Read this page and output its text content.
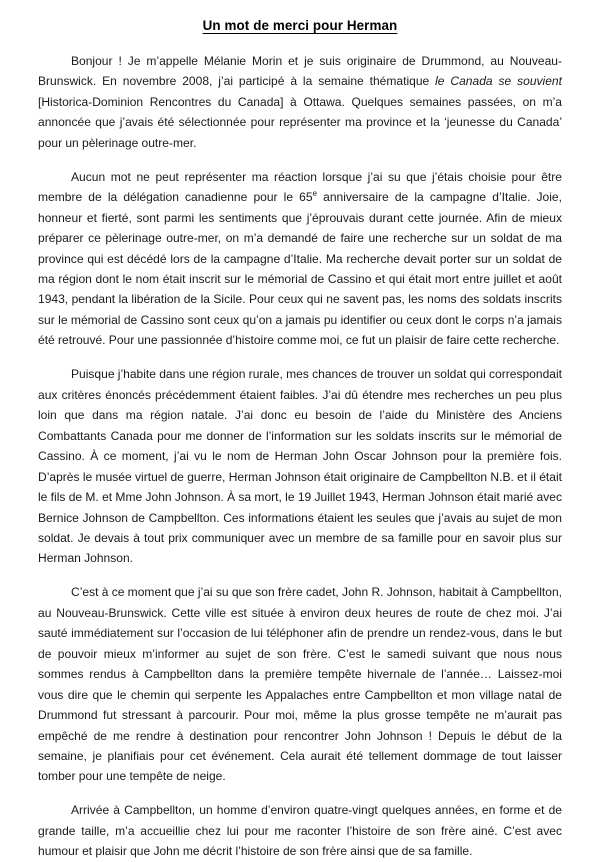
Un mot de merci pour Herman

Bonjour ! Je m’appelle Mélanie Morin et je suis originaire de Drummond, au Nouveau-Brunswick. En novembre 2008, j’ai participé à la semaine thématique le Canada se souvient [Historica-Dominion Rencontres du Canada] à Ottawa. Quelques semaines passées, on m’a annoncée que j’avais été sélectionnée pour représenter ma province et la ‘jeunesse du Canada’ pour un pèlerinage outre-mer.

Aucun mot ne peut représenter ma réaction lorsque j’ai su que j’étais choisie pour être membre de la délégation canadienne pour le 65e anniversaire de la campagne d’Italie. Joie, honneur et fierté, sont parmi les sentiments que j’éprouvais durant cette journée. Afin de mieux préparer ce pèlerinage outre-mer, on m’a demandé de faire une recherche sur un soldat de ma province qui est décédé lors de la campagne d’Italie. Ma recherche devait porter sur un soldat de ma région dont le nom était inscrit sur le mémorial de Cassino et qui était mort entre juillet et août 1943, pendant la libération de la Sicile. Pour ceux qui ne savent pas, les noms des soldats inscrits sur le mémorial de Cassino sont ceux qu’on a jamais pu identifier ou ceux dont le corps n’a jamais été retrouvé. Pour une passionnée d’histoire comme moi, ce fut un plaisir de faire cette recherche.

Puisque j’habite dans une région rurale, mes chances de trouver un soldat qui correspondait aux critères énoncés précédemment étaient faibles. J’ai dû étendre mes recherches un peu plus loin que dans ma région natale. J’ai donc eu besoin de l’aide du Ministère des Anciens Combattants Canada pour me donner de l’information sur les soldats inscrits sur le mémorial de Cassino. À ce moment, j’ai vu le nom de Herman John Oscar Johnson pour la première fois. D’après le musée virtuel de guerre, Herman Johnson était originaire de Campbellton N.B. et il était le fils de M. et Mme John Johnson. À sa mort, le 19 Juillet 1943, Herman Johnson était marié avec Bernice Johnson de Campbellton. Ces informations étaient les seules que j’avais au sujet de mon soldat. Je devais à tout prix communiquer avec un membre de sa famille pour en savoir plus sur Herman Johnson.

C’est à ce moment que j’ai su que son frère cadet, John R. Johnson, habitait à Campbellton, au Nouveau-Brunswick. Cette ville est située à environ deux heures de route de chez moi. J’ai sauté immédiatement sur l’occasion de lui téléphoner afin de prendre un rendez-vous, dans le but de pouvoir mieux m’informer au sujet de son frère. C’est le samedi suivant que nous nous sommes rendus à Campbellton dans la première tempête hivernale de l’année… Laissez-moi vous dire que le chemin qui serpente les Appalaches entre Campbellton et mon village natal de Drummond fut stressant à parcourir. Pour moi, même la plus grosse tempête ne m’aurait pas empêché de me rendre à destination pour rencontrer John Johnson ! Depuis le début de la semaine, je planifiais pour cet événement. Cela aurait été tellement dommage de tout laisser tomber pour une tempête de neige.

Arrivée à Campbellton, un homme d’environ quatre-vingt quelques années, en forme et de grande taille, m’a accueillie chez lui pour me raconter l’histoire de son frère ainé. C’est avec humour et plaisir que John me décrit l’histoire de son frère ainsi que de sa famille.
